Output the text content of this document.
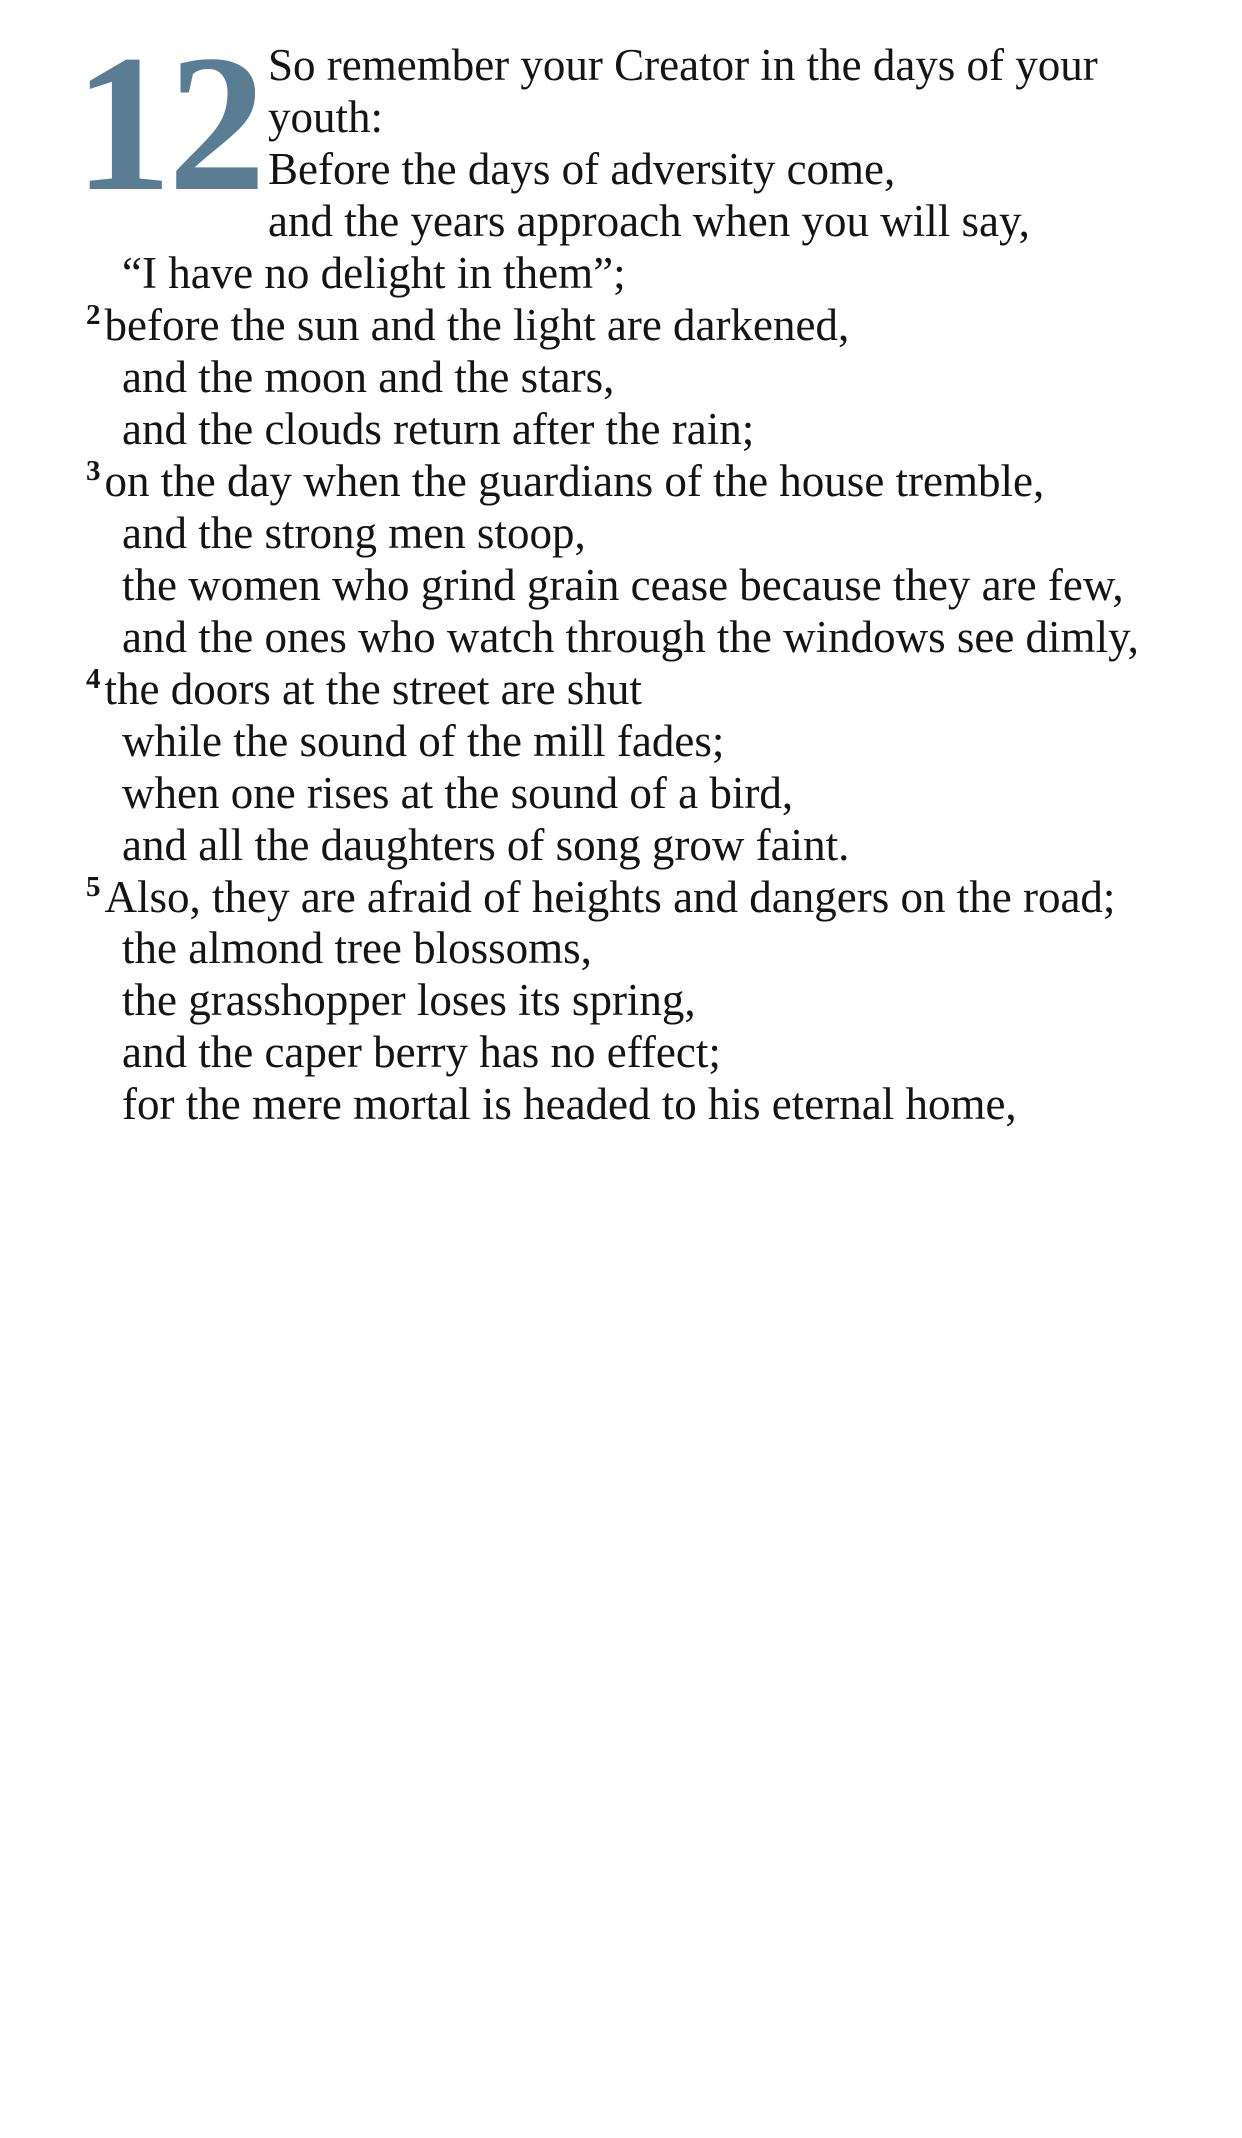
12 So remember your Creator in the days of your youth:
Before the days of adversity come,
and the years approach when you will say,
“I have no delight in them”;

$^2$before the sun and the light are darkened,
and the moon and the stars,
and the clouds return after the rain;

$^3$on the day when the guardians of the house tremble,
and the strong men stoop,
the women who grind grain cease because they are few,
and the ones who watch through the windows see dimly,

$^4$the doors at the street are shut
while the sound of the mill fades;
when one rises at the sound of a bird,
and all the daughters of song grow faint.

$^5$Also, they are afraid of heights and dangers on the road;
the almond tree blossoms,
the grasshopper loses its spring,
and the caper berry has no effect;
for the mere mortal is headed to his eternal home,
